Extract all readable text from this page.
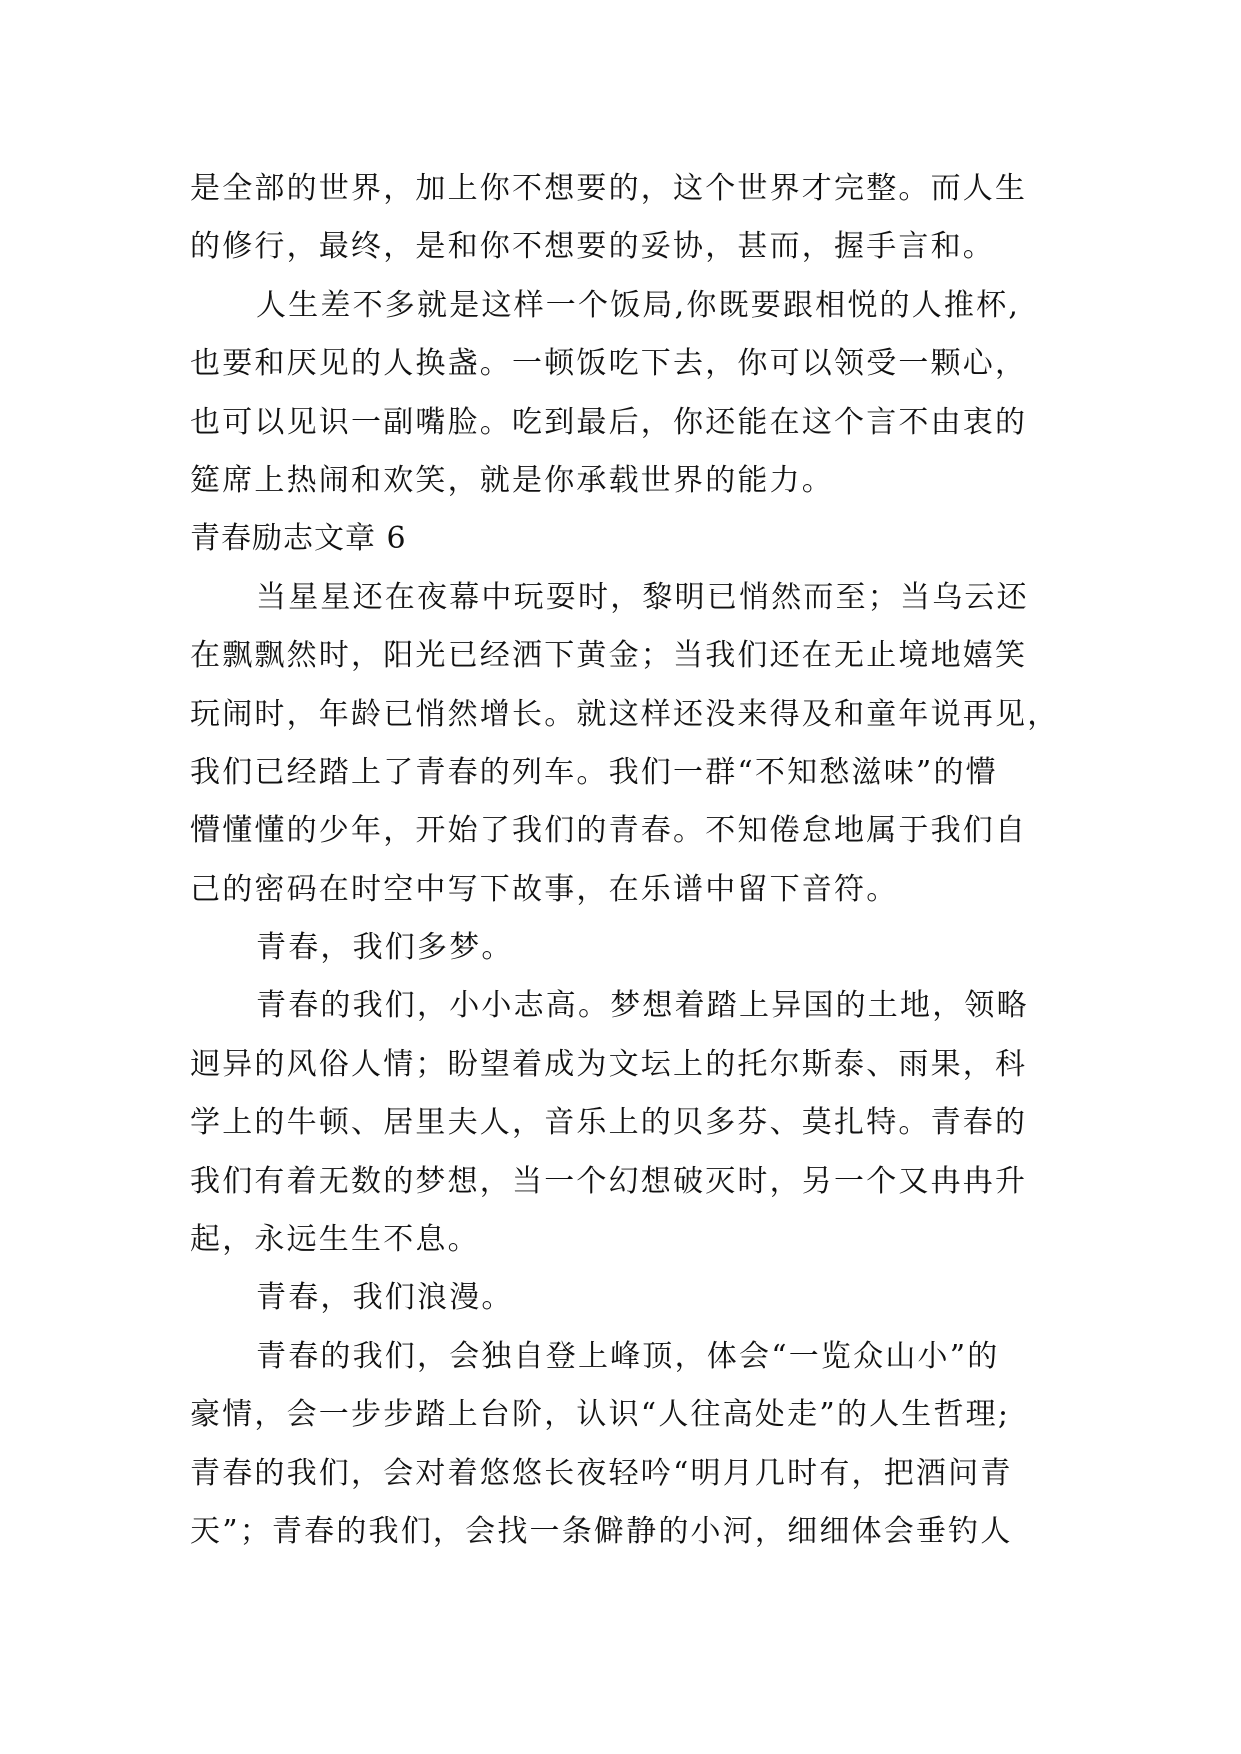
是全部的世界，加上你不想要的，这个世界才完整。而人生
的修行，最终，是和你不想要的妥协，甚而，握手言和。
人生差不多就是这样一个饭局,你既要跟相悦的人推杯,
也要和厌见的人换盏。一顿饭吃下去，你可以领受一颗心，
也可以见识一副嘴脸。吃到最后，你还能在这个言不由衷的
筵席上热闹和欢笑，就是你承载世界的能力。
青春励志文章 6
当星星还在夜幕中玩耍时，黎明已悄然而至；当乌云还
在飘飘然时，阳光已经洒下黄金；当我们还在无止境地嬉笑
玩闹时，年龄已悄然增长。就这样还没来得及和童年说再见，
我们已经踏上了青春的列车。我们一群“不知愁滋味”的懵
懵懂懂的少年，开始了我们的青春。不知倦怠地属于我们自
己的密码在时空中写下故事，在乐谱中留下音符。
青春，我们多梦。
青春的我们，小小志高。梦想着踏上异国的土地，领略
迥异的风俗人情；盼望着成为文坛上的托尔斯泰、雨果，科
学上的牛顿、居里夫人，音乐上的贝多芬、莫扎特。青春的
我们有着无数的梦想，当一个幻想破灭时，另一个又冉冉升
起，永远生生不息。
青春，我们浪漫。
青春的我们，会独自登上峰顶，体会“一览众山小”的
豪情，会一步步踏上台阶，认识“人往高处走”的人生哲理;
青春的我们，会对着悠悠长夜轻吟“明月几时有，把酒问青
天”；青春的我们，会找一条僻静的小河，细细体会垂钓人
